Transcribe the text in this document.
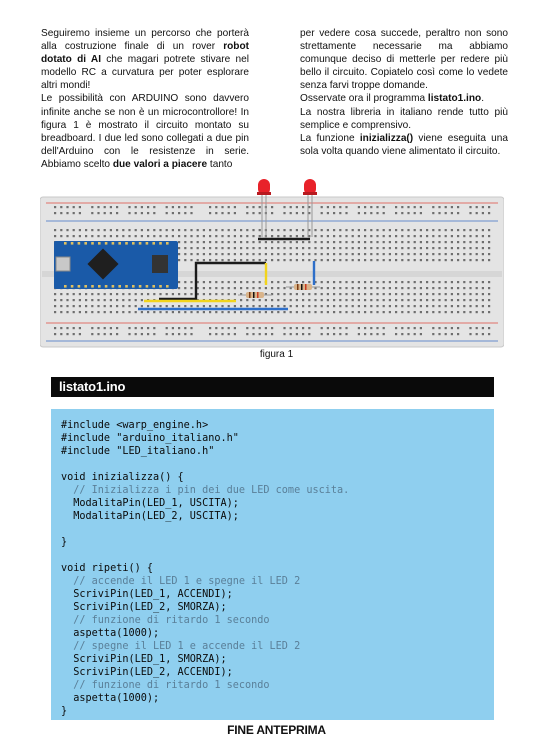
Seguiremo insieme un percorso che porterà alla costruzione finale di un rover robot dotato di AI che magari potrete stivare nel modello RC a curvatura per poter esplorare altri mondi!

Le possibilità con ARDUINO sono davvero infinite anche se non è un microcontrollore! In figura 1 è mostrato il circuito montato su breadboard. I due led sono collegati a due pin dell'Arduino con le resistenze in serie. Abbiamo scelto due valori a piacere tanto

per vedere cosa succede, peraltro non sono strettamente necessarie ma abbiamo comunque deciso di metterle per redere più bello il circuito. Copiatelo così come lo vedete senza farvi troppe domande.

Osservate ora il programma listato1.ino.

La nostra libreria in italiano rende tutto più semplice e comprensivo.

La funzione inizializza() viene eseguita una sola volta quando viene alimentato il circuito.

figura 1
listato1.ino
#include <warp_engine.h>
#include "arduino_italiano.h"
#include "LED_italiano.h"
void inizializza() {
// Inizializza i pin dei due LED come uscita.
ModalitaPin(LED_1, USCITA);
ModalitaPin(LED_2, USCITA);
}
void ripeti() {
// accende il LED 1 e spegne il LED 2
ScriviPin(LED_1, ACCENDI);
ScriviPin(LED_2, SMORZA);
// funzione di ritardo 1 secondo
aspetta(1000);
// spegne il LED 1 e accende il LED 2
ScriviPin(LED_1, SMORZA);
ScriviPin(LED_2, ACCENDI);
// funzione di ritardo 1 secondo
aspetta(1000);
}
FINE ANTEPRIMA
